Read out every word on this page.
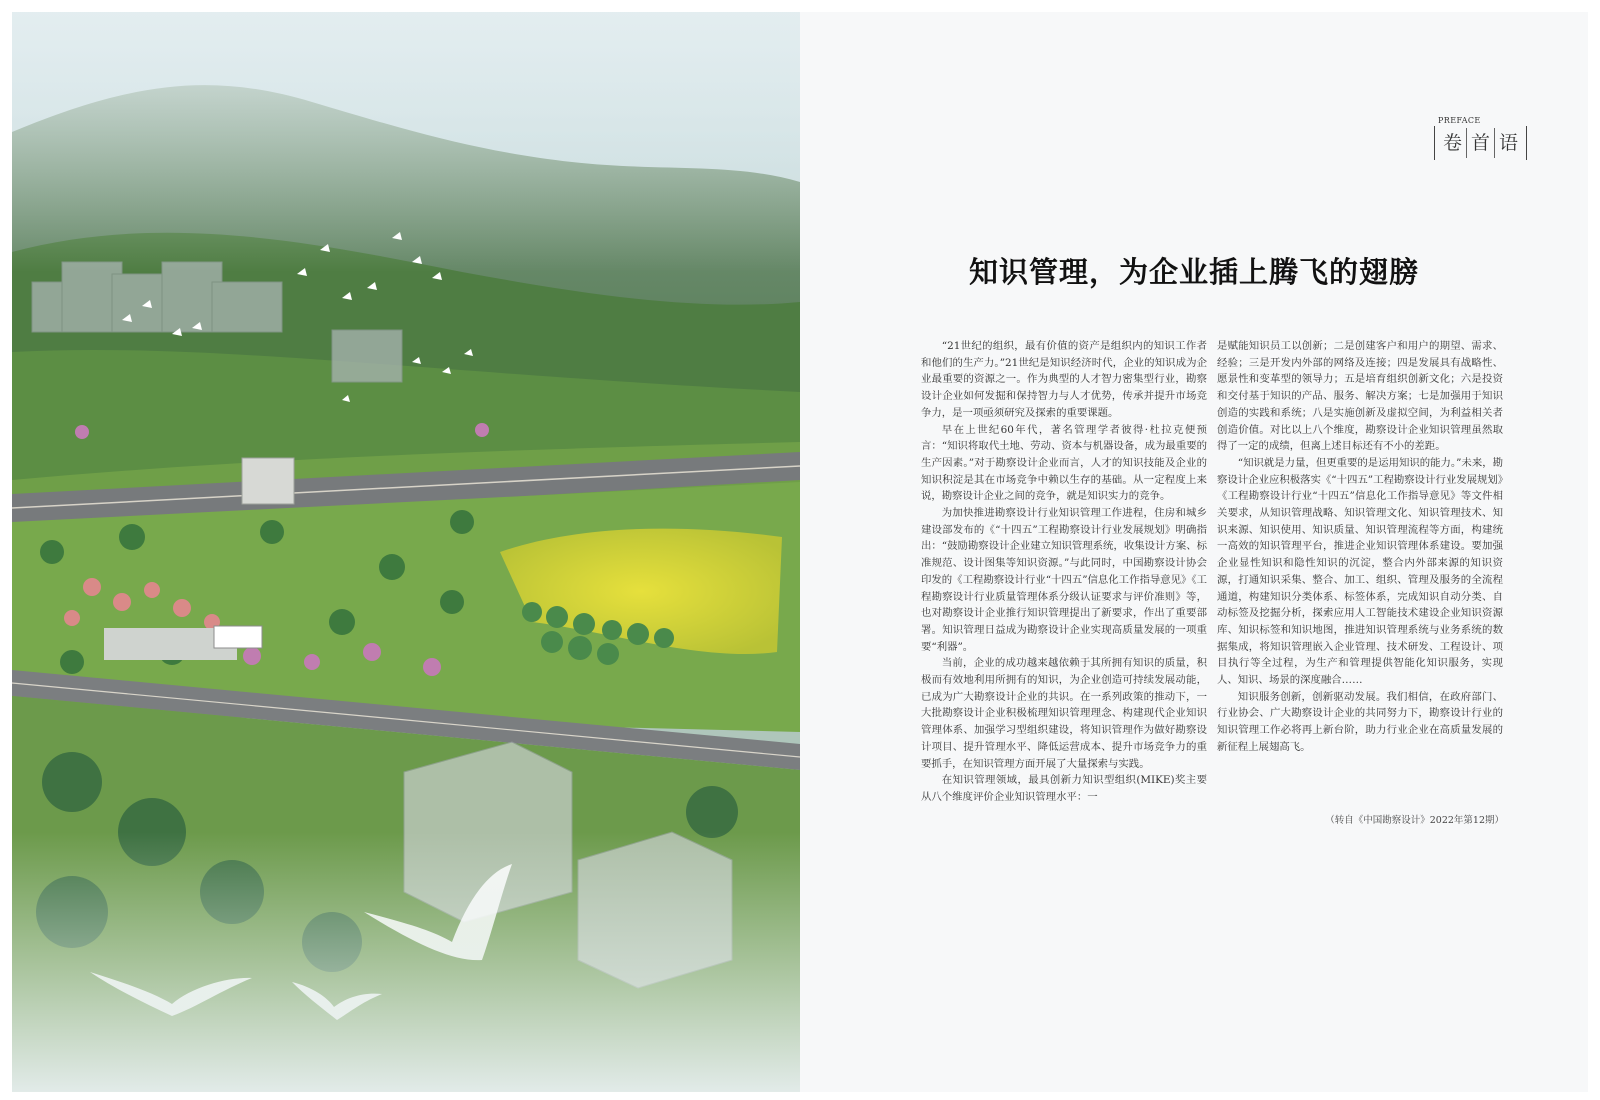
PREFACE
卷 首 语
知识管理，为企业插上腾飞的翅膀

“21世纪的组织，最有价值的资产是组织内的知识工作者和他们的生产力。”21世纪是知识经济时代，企业的知识成为企业最重要的资源之一。作为典型的人才智力密集型行业，勘察设计企业如何发掘和保持智力与人才优势，传承并提升市场竞争力，是一项亟须研究及探索的重要课题。

早在上世纪60年代，著名管理学者彼得·杜拉克便预言：“知识将取代土地、劳动、资本与机器设备，成为最重要的生产因素。”对于勘察设计企业而言，人才的知识技能及企业的知识积淀是其在市场竞争中赖以生存的基础。从一定程度上来说，勘察设计企业之间的竞争，就是知识实力的竞争。

为加快推进勘察设计行业知识管理工作进程，住房和城乡建设部发布的《“十四五”工程勘察设计行业发展规划》明确指出：“鼓励勘察设计企业建立知识管理系统，收集设计方案、标准规范、设计图集等知识资源。”与此同时，中国勘察设计协会印发的《工程勘察设计行业“十四五”信息化工作指导意见》《工程勘察设计行业质量管理体系分级认证要求与评价准则》等，也对勘察设计企业推行知识管理提出了新要求，作出了重要部署。知识管理日益成为勘察设计企业实现高质量发展的一项重要“利器”。

当前，企业的成功越来越依赖于其所拥有知识的质量，积极而有效地利用所拥有的知识，为企业创造可持续发展动能，已成为广大勘察设计企业的共识。在一系列政策的推动下，一大批勘察设计企业积极梳理知识管理理念、构建现代企业知识管理体系、加强学习型组织建设，将知识管理作为做好勘察设计项目、提升管理水平、降低运营成本、提升市场竞争力的重要抓手，在知识管理方面开展了大量探索与实践。

在知识管理领域，最具创新力知识型组织(MIKE)奖主要从八个维度评价企业知识管理水平：一

是赋能知识员工以创新；二是创建客户和用户的期望、需求、经验；三是开发内外部的网络及连接；四是发展具有战略性、愿景性和变革型的领导力；五是培育组织创新文化；六是投资和交付基于知识的产品、服务、解决方案；七是加强用于知识创造的实践和系统；八是实施创新及虚拟空间，为利益相关者创造价值。对比以上八个维度，勘察设计企业知识管理虽然取得了一定的成绩，但离上述目标还有不小的差距。

“知识就是力量，但更重要的是运用知识的能力。”未来，勘察设计企业应积极落实《“十四五”工程勘察设计行业发展规划》《工程勘察设计行业“十四五”信息化工作指导意见》等文件相关要求，从知识管理战略、知识管理文化、知识管理技术、知识来源、知识使用、知识质量、知识管理流程等方面，构建统一高效的知识管理平台，推进企业知识管理体系建设。要加强企业显性知识和隐性知识的沉淀，整合内外部来源的知识资源，打通知识采集、整合、加工、组织、管理及服务的全流程通道，构建知识分类体系、标签体系，完成知识自动分类、自动标签及挖掘分析，探索应用人工智能技术建设企业知识资源库、知识标签和知识地图，推进知识管理系统与业务系统的数据集成，将知识管理嵌入企业管理、技术研发、工程设计、项目执行等全过程，为生产和管理提供智能化知识服务，实现人、知识、场景的深度融合……

知识服务创新，创新驱动发展。我们相信，在政府部门、行业协会、广大勘察设计企业的共同努力下，勘察设计行业的知识管理工作必将再上新台阶，助力行业企业在高质量发展的新征程上展翅高飞。

（转自《中国勘察设计》2022年第12期）
